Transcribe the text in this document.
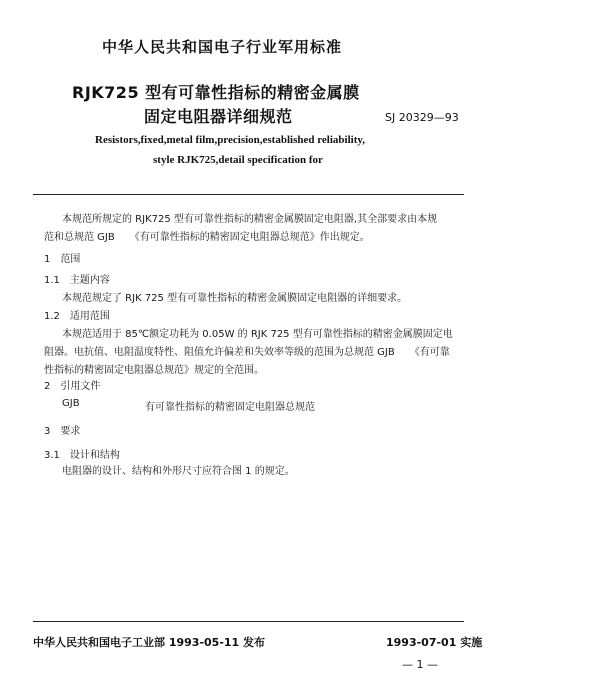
中华人民共和国电子行业军用标准
RJK725 型有可靠性指标的精密金属膜
固定电阻器详细规范	SJ 20329—93
Resistors,fixed,metal film,precision,established reliability,
style RJK725,detail specification for
本规范所规定的 RJK725 型有可靠性指标的精密金属膜固定电阻器,其全部要求由本规
范和总规范 GJB　　《有可靠性指标的精密固定电阻器总规范》作出规定。
1　范围
1.1　主题内容
本规范规定了 RJK 725 型有可靠性指标的精密金属膜固定电阻器的详细要求。
1.2　适用范围
本规范适用于 85℃额定功耗为 0.05W 的 RJK 725 型有可靠性指标的精密金属膜固定电
阻器。电抗值、电阻温度特性、阻值允许偏差和失效率等级的范围为总规范 GJB　　《有可靠
性指标的精密固定电阻器总规范》规定的全范围。
2　引用文件
GJB	有可靠性指标的精密固定电阻器总规范
3　要求
3.1　设计和结构
电阻器的设计、结构和外形尺寸应符合图 1 的规定。
中华人民共和国电子工业部 1993-05-11 发布	1993-07-01 实施
— 1 —
